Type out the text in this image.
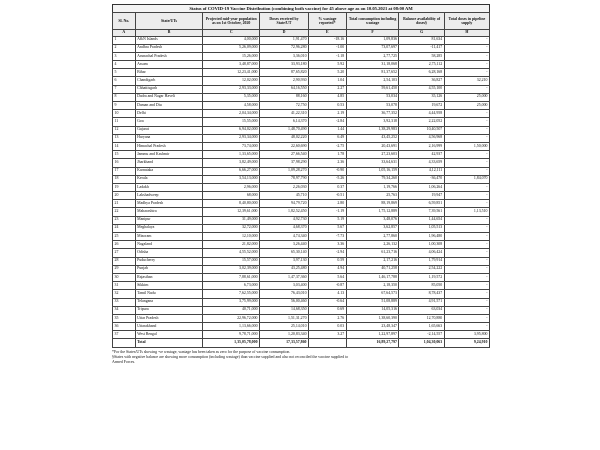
Status of COVID-19 Vaccine Distribution (combining both vaccine) for 45 above age as on 10.05.2021 at 08:00 AM
Sl. No.	State/UTs	Projected mid-year population as on 1st October, 2020	Doses received by State/UT	% wastage reported*	Total consumption including wastage	Balance availability of doses§	Total doses in pipeline supply
A	B	C	D	E	F	G	H
1	A&N Islands	4,00,000	1,91,470	-18.16	1,09,836	81,634	-
2	Andhra Pradesh	5,26,09,000	72,96,280	-1.00	73,07,697	-11,417	-
3	Arunachal Pradesh	15,26,000	3,36,010	-1.18	2,77,725	58,285	-
4	Assam	3,48,87,000	33,93,180	5.92	31,18,068	2,75,112	-
5	Bihar	12,23,41,000	87,65,820	5.20	81,37,652	6,28,168	-
6	Chandigarh	12,02,000	2,90,930	1.04	2,54,103	36,827	32,210
7	Chhattisgarh	2,93,33,000	64,16,550	2.27	59,61,450	4,55,100	-
8	Dadra and Nagar Haveli	5,35,000	88,160	4.85	53,034	35,126	25,000
9	Daman and Diu	4,58,000	72,750	0.53	53,078	19,672	25,000
10	Delhi	2,04,34,000	41,22,310	2.19	36,77,352	4,44,958	-
11	Goa	15,55,000	6,14,370	-2.84	3,92,318	2,22,052	-
12	Gujarat	6,94,02,000	1,48,70,490	1.44	1,38,29,983	10,40,507	-
13	Haryana	2,93,34,000	48,02,220	6.49	43,45,252	4,56,968	-
14	Himachal Pradesh	73,74,000	22,60,690	-2.75	20,43,691	2,16,999	1,50,000
15	Jammu and Kashmir	1,33,65,000	27,66,540	1.78	27,23,603	42,937	-
16	Jharkhand	3,82,49,000	37,98,290	2.36	33,64,631	4,33,659	-
17	Karnataka	6,66,27,000	1,09,28,270	-0.90	1,05,16,159	4,12,111	-
18	Kerala	3,54,13,000	78,97,790	-5.26	79,34,260	-36,470	1,84,070
19	Ladakh	2,96,000	2,26,030	0.37	1,19,766	1,06,264	-
20	Lakshadweep	68,000	45,710	-0.51	25,763	19,947	-
21	Madhya Pradesh	8,40,80,000	94,79,720	2.80	88,19,869	6,59,851	-
22	Maharashtra	12,39,61,000	1,82,52,450	-1.19	1,75,12,889	7,39,561	1,13,510
23	Manipur	31,49,000	4,92,730	5.19	3,48,076	1,44,654	-
24	Meghalaya	32,72,000	4,68,370	5.67	3,62,857	1,05,513	-
25	Mizoram	12,10,000	4,74,340	-7.73	2,77,860	1,96,480	-
26	Nagaland	21,82,000	3,26,440	3.36	2,26,132	1,00,308	-
27	Odisha	4,55,52,000	65,30,140	-2.94	61,23,716	4,06,424	-
28	Puducherry	15,57,000	3,97,130	0.59	2,17,216	1,79,914	-
29	Punjab	3,02,39,000	43,25,480	4.94	40,71,258	2,54,222	-
30	Rajasthan	7,88,61,000	1,47,37,360	5.64	1,46,17,788	1,19,572	-
31	Sikkim	6,73,000	3,03,400	-0.87	2,18,350	85,050	-
32	Tamil Nadu	7,62,55,000	76,43,010	4.13	67,64,573	8,78,437	-
33	Telangana	3,75,99,000	56,00,460	-0.64	51,08,889	4,91,571	-
34	Tripura	40,71,000	14,68,350	0.69	14,05,316	63,034	-
35	Uttar Pradesh	22,96,72,000	1,51,31,270	2.76	1,38,60,390	12,70,880	-
36	Uttarakhand	1,13,66,000	25,14,010	0.03	23,48,347	1,65,663	-
37	West Bengal	9,78,71,000	1,20,83,340	3.27	1,22,97,897	-2,14,557	3,95,800
	Total	1,35,05,78,000	17,33,57,860		16,89,27,797	1,04,30,063	9,24,910

*For the States/UTs showing -ve wastage, wastage has been taken as zero for the purpose of vaccine consumption.

§States with negative balance are showing more consumption (including wastage) than vaccine supplied and also not reconciled the vaccine supplied to

Armed Forces.
